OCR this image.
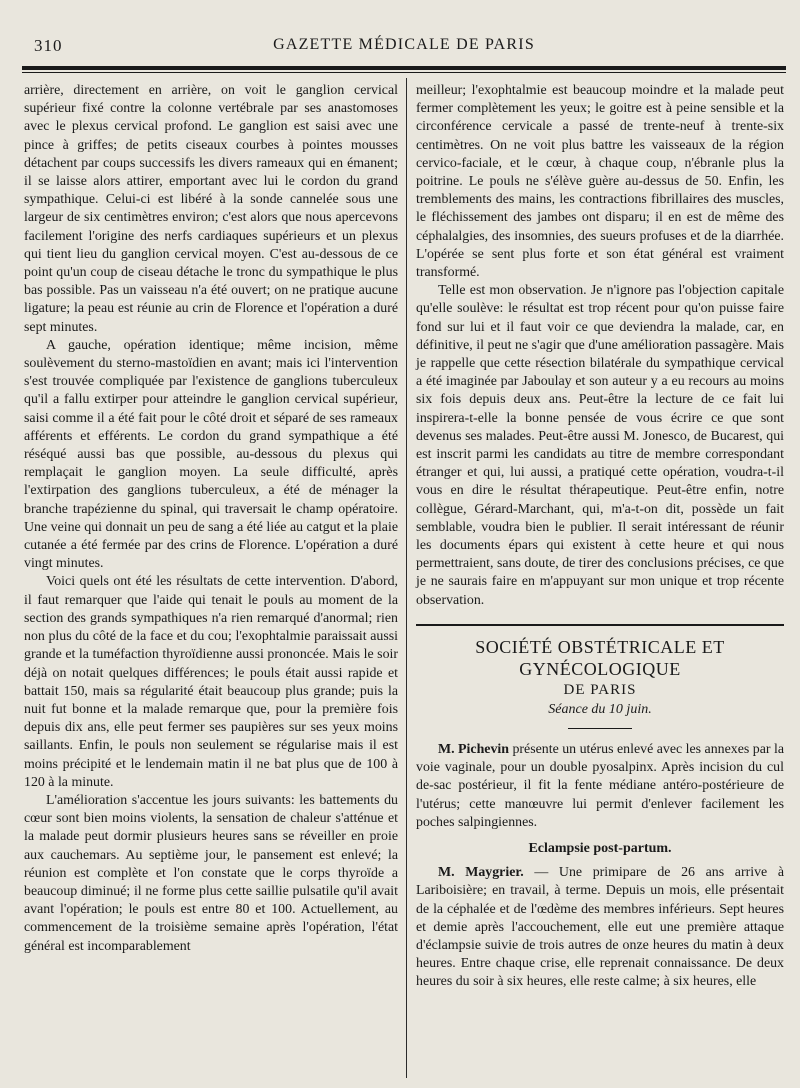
310	GAZETTE MÉDICALE DE PARIS

arrière, directement en arrière, on voit le ganglion cervical supérieur fixé contre la colonne vertébrale par ses anastomoses avec le plexus cervical profond. Le ganglion est saisi avec une pince à griffes; de petits ciseaux courbes à pointes mousses détachent par coups successifs les divers rameaux qui en émanent; il se laisse alors attirer, emportant avec lui le cordon du grand sympathique. Celui-ci est libéré à la sonde cannelée sous une largeur de six centimètres environ; c'est alors que nous apercevons facilement l'origine des nerfs cardiaques supérieurs et un plexus qui tient lieu du ganglion cervical moyen. C'est au-dessous de ce point qu'un coup de ciseau détache le tronc du sympathique le plus bas possible. Pas un vaisseau n'a été ouvert; on ne pratique aucune ligature; la peau est réunie au crin de Florence et l'opération a duré sept minutes.

A gauche, opération identique; même incision, même soulèvement du sterno-mastoïdien en avant; mais ici l'intervention s'est trouvée compliquée par l'existence de ganglions tuberculeux qu'il a fallu extirper pour atteindre le ganglion cervical supérieur, saisi comme il a été fait pour le côté droit et séparé de ses rameaux afférents et efférents. Le cordon du grand sympathique a été réséqué aussi bas que possible, au-dessous du plexus qui remplaçait le ganglion moyen. La seule difficulté, après l'extirpation des ganglions tuberculeux, a été de ménager la branche trapézienne du spinal, qui traversait le champ opératoire. Une veine qui donnait un peu de sang a été liée au catgut et la plaie cutanée a été fermée par des crins de Florence. L'opération a duré vingt minutes.

Voici quels ont été les résultats de cette intervention. D'abord, il faut remarquer que l'aide qui tenait le pouls au moment de la section des grands sympathiques n'a rien remarqué d'anormal; rien non plus du côté de la face et du cou; l'exophtalmie paraissait aussi grande et la tuméfaction thyroïdienne aussi prononcée. Mais le soir déjà on notait quelques différences; le pouls était aussi rapide et battait 150, mais sa régularité était beaucoup plus grande; puis la nuit fut bonne et la malade remarque que, pour la première fois depuis dix ans, elle peut fermer ses paupières sur ses yeux moins saillants. Enfin, le pouls non seulement se régularise mais il est moins précipité et le lendemain matin il ne bat plus que de 100 à 120 à la minute.

L'amélioration s'accentue les jours suivants: les battements du cœur sont bien moins violents, la sensation de chaleur s'atténue et la malade peut dormir plusieurs heures sans se réveiller en proie aux cauchemars. Au septième jour, le pansement est enlevé; la réunion est complète et l'on constate que le corps thyroïde a beaucoup diminué; il ne forme plus cette saillie pulsatile qu'il avait avant l'opération; le pouls est entre 80 et 100. Actuellement, au commencement de la troisième semaine après l'opération, l'état général est incomparablement

meilleur; l'exophtalmie est beaucoup moindre et la malade peut fermer complètement les yeux; le goitre est à peine sensible et la circonférence cervicale a passé de trente-neuf à trente-six centimètres. On ne voit plus battre les vaisseaux de la région cervico-faciale, et le cœur, à chaque coup, n'ébranle plus la poitrine. Le pouls ne s'élève guère au-dessus de 50. Enfin, les tremblements des mains, les contractions fibrillaires des muscles, le fléchissement des jambes ont disparu; il en est de même des céphalalgies, des insomnies, des sueurs profuses et de la diarrhée. L'opérée se sent plus forte et son état général est vraiment transformé.

Telle est mon observation. Je n'ignore pas l'objection capitale qu'elle soulève: le résultat est trop récent pour qu'on puisse faire fond sur lui et il faut voir ce que deviendra la malade, car, en définitive, il peut ne s'agir que d'une amélioration passagère. Mais je rappelle que cette résection bilatérale du sympathique cervical a été imaginée par Jaboulay et son auteur y a eu recours au moins six fois depuis deux ans. Peut-être la lecture de ce fait lui inspirera-t-elle la bonne pensée de vous écrire ce que sont devenus ses malades. Peut-être aussi M. Jonesco, de Bucarest, qui est inscrit parmi les candidats au titre de membre correspondant étranger et qui, lui aussi, a pratiqué cette opération, voudra-t-il vous en dire le résultat thérapeutique. Peut-être enfin, notre collègue, Gérard-Marchant, qui, m'a-t-on dit, possède un fait semblable, voudra bien le publier. Il serait intéressant de réunir les documents épars qui existent à cette heure et qui nous permettraient, sans doute, de tirer des conclusions précises, ce que je ne saurais faire en m'appuyant sur mon unique et trop récente observation.

SOCIÉTÉ OBSTÉTRICALE ET GYNÉCOLOGIQUE
DE PARIS
Séance du 10 juin.

M. Pichevin présente un utérus enlevé avec les annexes par la voie vaginale, pour un double pyosalpinx. Après incision du cul de-sac postérieur, il fit la fente médiane antéro-postérieure de l'utérus; cette manœuvre lui permit d'enlever facilement les poches salpingiennes.

Eclampsie post-partum.

M. Maygrier. — Une primipare de 26 ans arrive à Lariboisière; en travail, à terme. Depuis un mois, elle présentait de la céphalée et de l'œdème des membres inférieurs. Sept heures et demie après l'accouchement, elle eut une première attaque d'éclampsie suivie de trois autres de onze heures du matin à deux heures. Entre chaque crise, elle reprenait connaissance. De deux heures du soir à six heures, elle reste calme; à six heures, elle
